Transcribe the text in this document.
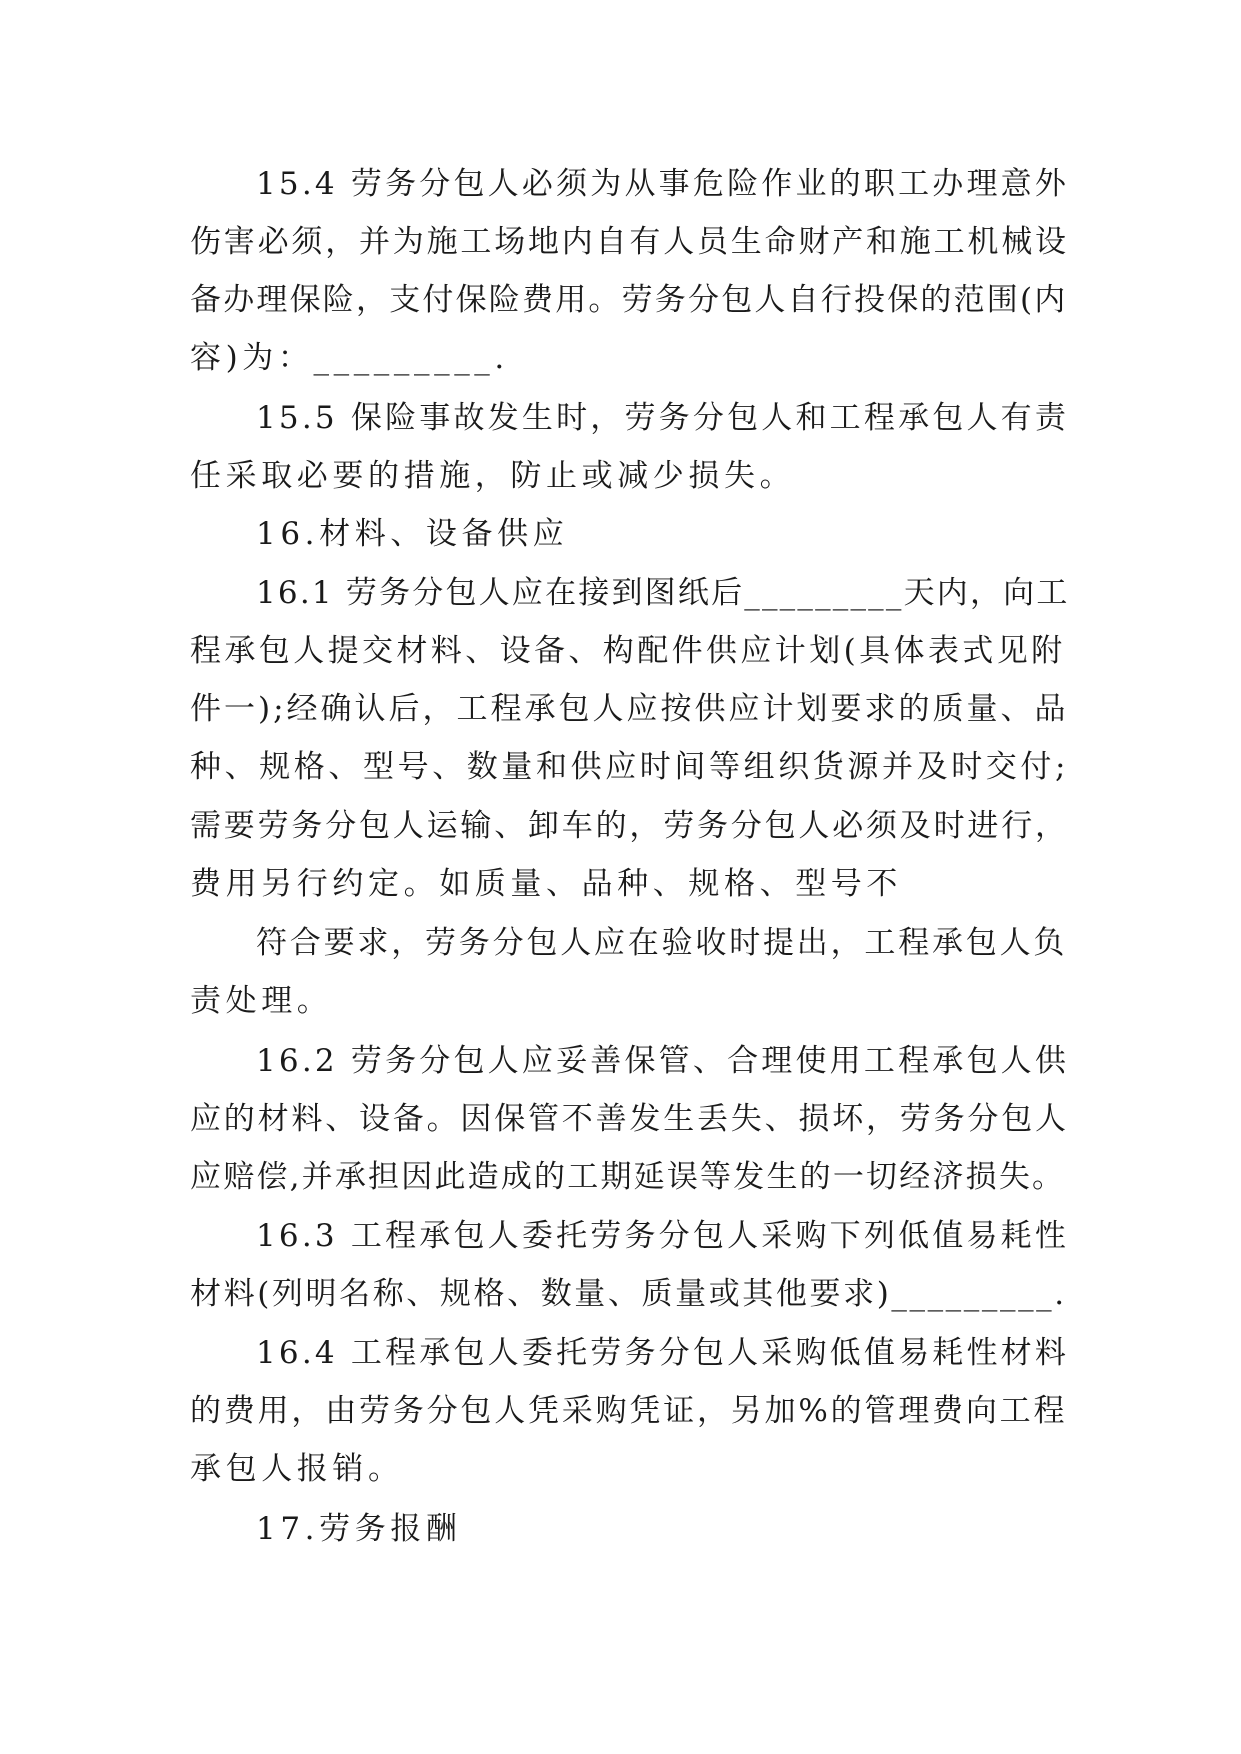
15.4 劳务分包人必须为从事危险作业的职工办理意外
伤害必须，并为施工场地内自有人员生命财产和施工机械设
备办理保险，支付保险费用。劳务分包人自行投保的范围(内
容)为：_________.
15.5 保险事故发生时，劳务分包人和工程承包人有责
任采取必要的措施，防止或减少损失。
16.材料、设备供应
16.1 劳务分包人应在接到图纸后_________天内，向工
程承包人提交材料、设备、构配件供应计划(具体表式见附
件一);经确认后，工程承包人应按供应计划要求的质量、品
种、规格、型号、数量和供应时间等组织货源并及时交付;
需要劳务分包人运输、卸车的，劳务分包人必须及时进行，
费用另行约定。如质量、品种、规格、型号不
符合要求，劳务分包人应在验收时提出，工程承包人负
责处理。
16.2 劳务分包人应妥善保管、合理使用工程承包人供
应的材料、设备。因保管不善发生丢失、损坏，劳务分包人
应赔偿,并承担因此造成的工期延误等发生的一切经济损失。
16.3 工程承包人委托劳务分包人采购下列低值易耗性
材料(列明名称、规格、数量、质量或其他要求)_________.
16.4 工程承包人委托劳务分包人采购低值易耗性材料
的费用，由劳务分包人凭采购凭证，另加%的管理费向工程
承包人报销。
17.劳务报酬
